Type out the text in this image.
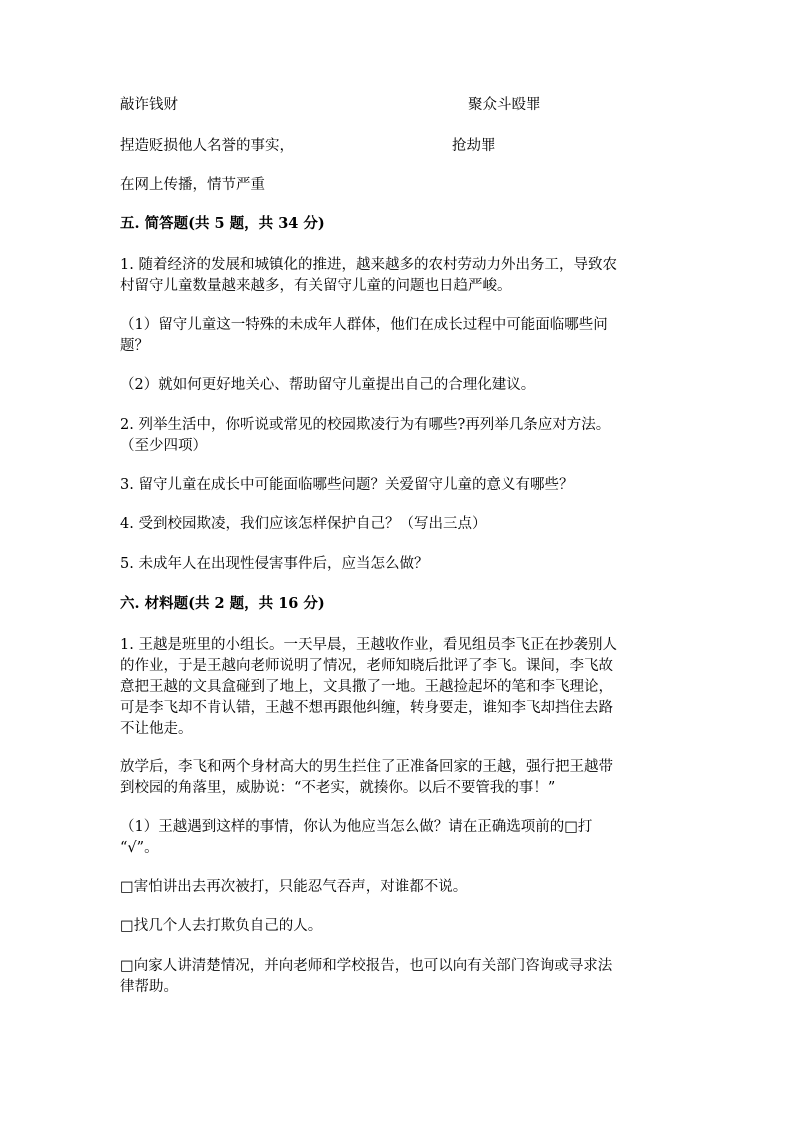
敲诈钱财	聚众斗殴罪
捏造贬损他人名誉的事实，	抢劫罪
在网上传播，情节严重
五. 简答题(共 5 题，共 34 分)
1. 随着经济的发展和城镇化的推进，越来越多的农村劳动力外出务工，导致农
村留守儿童数量越来越多，有关留守儿童的问题也日趋严峻。
（1）留守儿童这一特殊的未成年人群体，他们在成长过程中可能面临哪些问
题？
（2）就如何更好地关心、帮助留守儿童提出自己的合理化建议。
2. 列举生活中，你听说或常见的校园欺凌行为有哪些?再列举几条应对方法。
（至少四项）
3. 留守儿童在成长中可能面临哪些问题？关爱留守儿童的意义有哪些？
4. 受到校园欺凌，我们应该怎样保护自己？（写出三点）
5. 未成年人在出现性侵害事件后，应当怎么做？
六. 材料题(共 2 题，共 16 分)
1. 王越是班里的小组长。一天早晨，王越收作业，看见组员李飞正在抄袭别人
的作业，于是王越向老师说明了情况，老师知晓后批评了李飞。课间，李飞故
意把王越的文具盒碰到了地上，文具撒了一地。王越捡起坏的笔和李飞理论，
可是李飞却不肯认错，王越不想再跟他纠缠，转身要走，谁知李飞却挡住去路
不让他走。
放学后，李飞和两个身材高大的男生拦住了正准备回家的王越，强行把王越带
到校园的角落里，威胁说：“不老实，就揍你。以后不要管我的事！”
（1）王越遇到这样的事情，你认为他应当怎么做？请在正确选项前的□打
“√”。
□害怕讲出去再次被打，只能忍气吞声，对谁都不说。
□找几个人去打欺负自己的人。
□向家人讲清楚情况，并向老师和学校报告，也可以向有关部门咨询或寻求法
律帮助。
